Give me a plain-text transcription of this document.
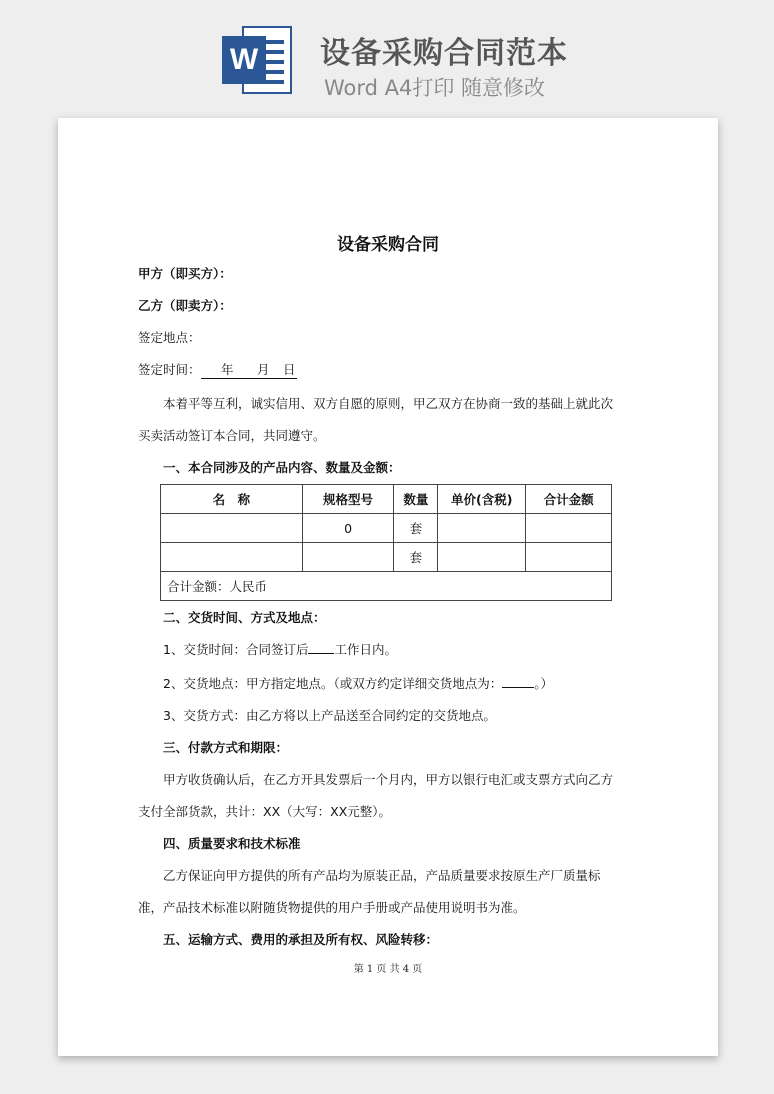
W 设备采购合同范本
Word A4打印 随意修改
设备采购合同
甲方（即买方）：
乙方（即卖方）：
签定地点：
签定时间： 年 月 日
本着平等互利，诚实信用、双方自愿的原则，甲乙双方在协商一致的基础上就此次
买卖活动签订本合同，共同遵守。
一、本合同涉及的产品内容、数量及金额：
名　称	规格型号	数量	单价(含税)	合计金额
	0	套		
		套		
合计金额：人民币				
二、交货时间、方式及地点：
1、交货时间：合同签订后 工作日内。
2、交货地点：甲方指定地点。（或双方约定详细交货地点为：	。）
3、交货方式：由乙方将以上产品送至合同约定的交货地点。
三、付款方式和期限：
甲方收货确认后，在乙方开具发票后一个月内，甲方以银行电汇或支票方式向乙方
支付全部货款，共计：XX（大写：XX元整）。
四、质量要求和技术标准
乙方保证向甲方提供的所有产品均为原装正品，产品质量要求按原生产厂质量标
准，产品技术标准以附随货物提供的用户手册或产品使用说明书为准。
五、运输方式、费用的承担及所有权、风险转移：
第 1 页 共 4 页
